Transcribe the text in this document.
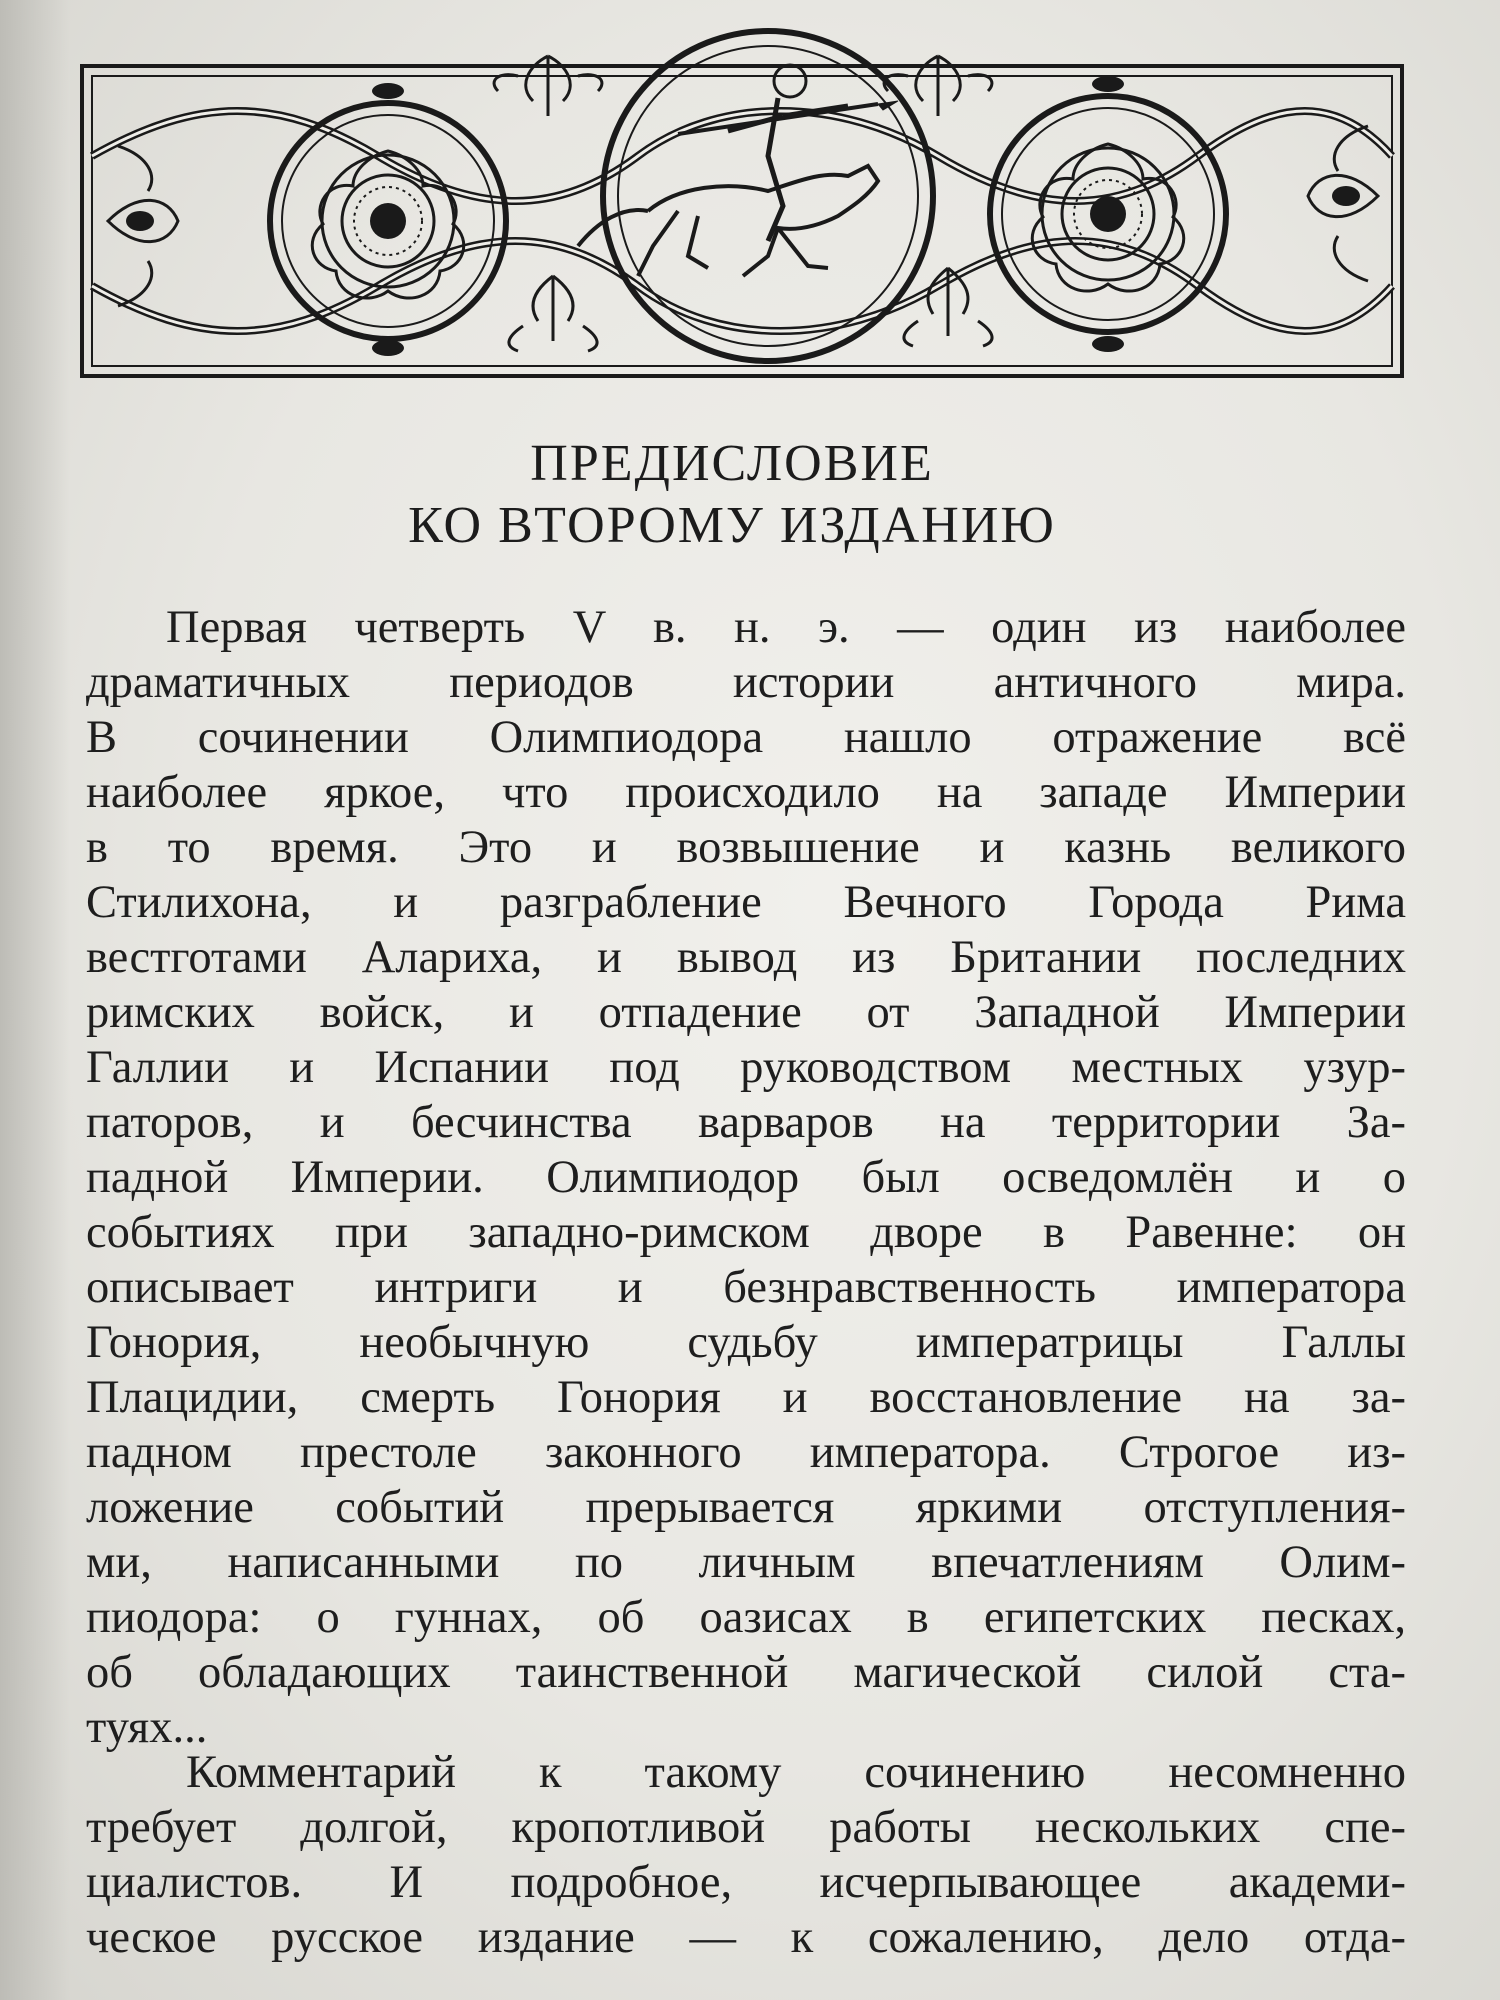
ПРЕДИСЛОВИЕ
КО ВТОРОМУ ИЗДАНИЮ
Первая четверть V в. н. э. — один из наиболее
драматичных периодов истории античного мира.
В сочинении Олимпиодора нашло отражение всё
наиболее яркое, что происходило на западе Империи
в то время. Это и возвышение и казнь великого
Стилихона, и разграбление Вечного Города Рима
вестготами Алариха, и вывод из Британии последних
римских войск, и отпадение от Западной Империи
Галлии и Испании под руководством местных узур-
паторов, и бесчинства варваров на территории За-
падной Империи. Олимпиодор был осведомлён и о
событиях при западно-римском дворе в Равенне: он
описывает интриги и безнравственность императора
Гонория, необычную судьбу императрицы Галлы
Плацидии, смерть Гонория и восстановление на за-
падном престоле законного императора. Строгое из-
ложение событий прерывается яркими отступления-
ми, написанными по личным впечатлениям Олим-
пиодора: о гуннах, об оазисах в египетских песках,
об обладающих таинственной магической силой ста-
туях...
Комментарий к такому сочинению несомненно
требует долгой, кропотливой работы нескольких спе-
циалистов. И подробное, исчерпывающее академи-
ческое русское издание — к сожалению, дело отда-
